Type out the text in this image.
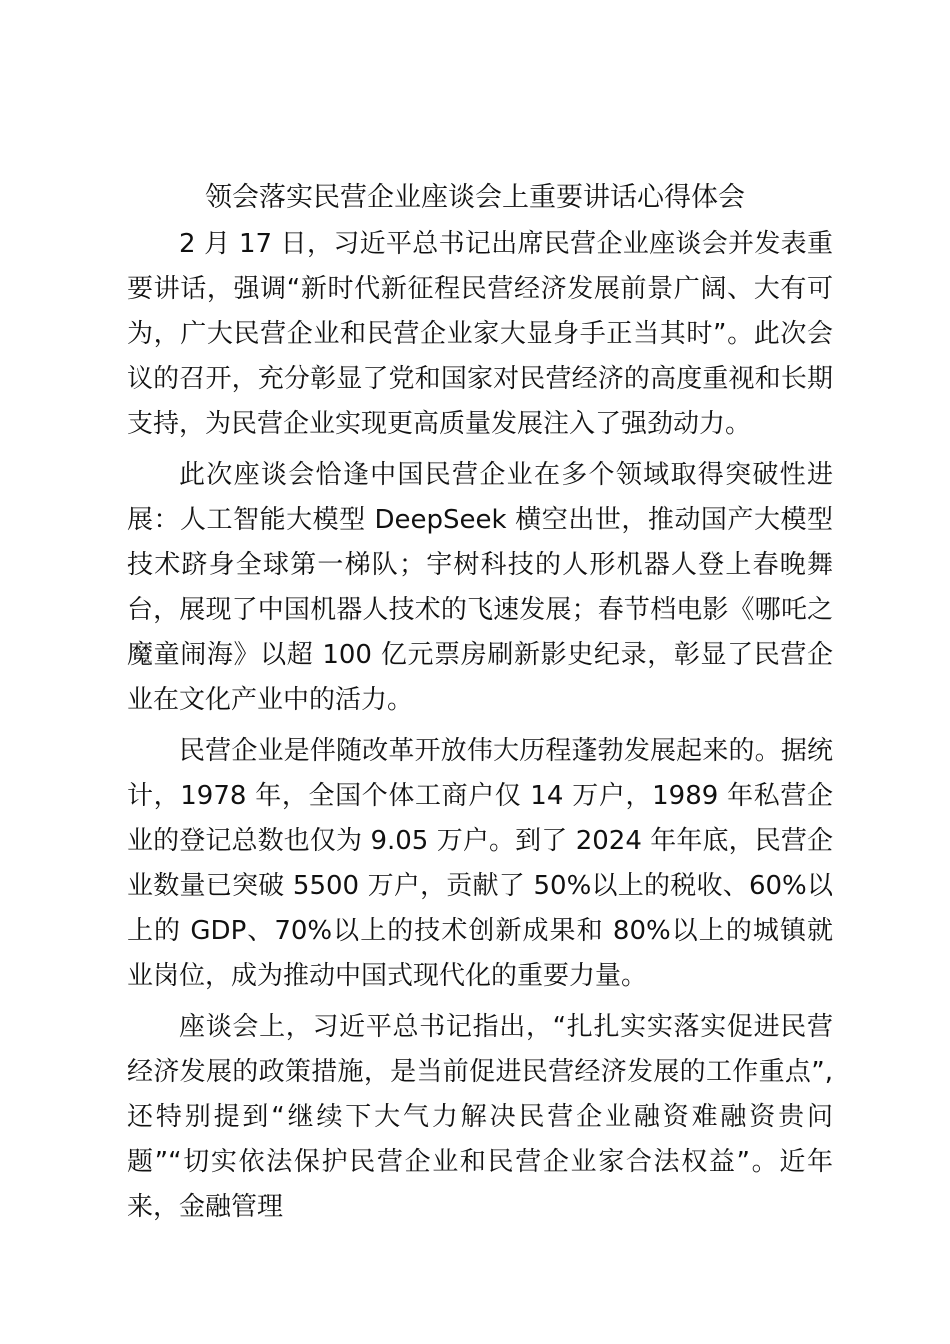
领会落实民营企业座谈会上重要讲话心得体会

2 月 17 日，习近平总书记出席民营企业座谈会并发表重要讲话，强调“新时代新征程民营经济发展前景广阔、大有可为，广大民营企业和民营企业家大显身手正当其时”。此次会议的召开，充分彰显了党和国家对民营经济的高度重视和长期支持，为民营企业实现更高质量发展注入了强劲动力。

此次座谈会恰逢中国民营企业在多个领域取得突破性进展：人工智能大模型 DeepSeek 横空出世，推动国产大模型技术跻身全球第一梯队；宇树科技的人形机器人登上春晚舞台，展现了中国机器人技术的飞速发展；春节档电影《哪吒之魔童闹海》以超 100 亿元票房刷新影史纪录，彰显了民营企业在文化产业中的活力。

民营企业是伴随改革开放伟大历程蓬勃发展起来的。据统计，1978 年，全国个体工商户仅 14 万户，1989 年私营企业的登记总数也仅为 9.05 万户。到了 2024 年年底，民营企业数量已突破 5500 万户，贡献了 50%以上的税收、60%以上的 GDP、70%以上的技术创新成果和 80%以上的城镇就业岗位，成为推动中国式现代化的重要力量。

座谈会上，习近平总书记指出，“扎扎实实落实促进民营经济发展的政策措施，是当前促进民营经济发展的工作重点”,还特别提到“继续下大气力解决民营企业融资难融资贵问题”“切实依法保护民营企业和民营企业家合法权益”。近年来，金融管理
